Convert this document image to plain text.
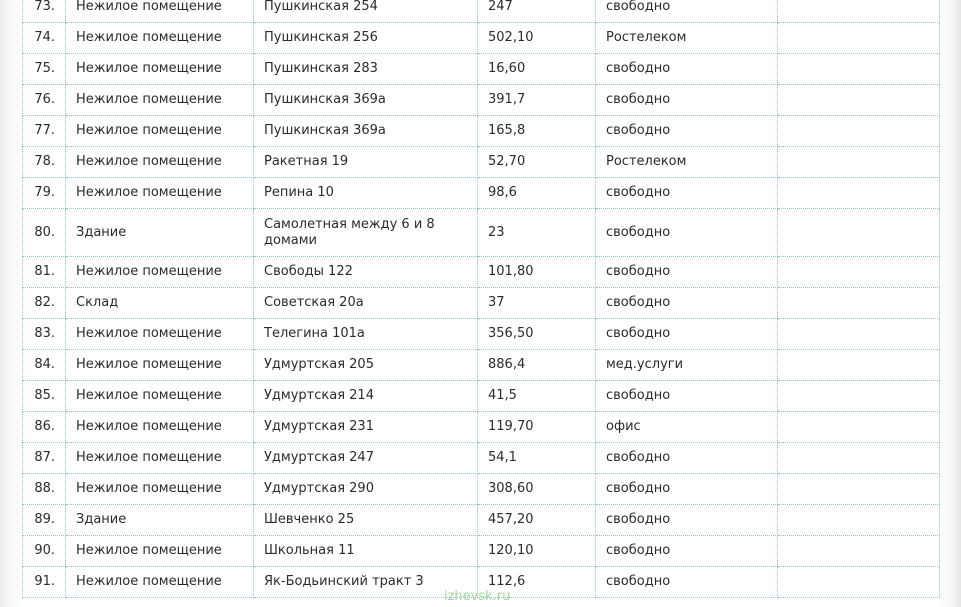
73.	Нежилое помещение	Пушкинская 254	247	свободно	
74.	Нежилое помещение	Пушкинская 256	502,10	Ростелеком	
75.	Нежилое помещение	Пушкинская 283	16,60	свободно	
76.	Нежилое помещение	Пушкинская 369а	391,7	свободно	
77.	Нежилое помещение	Пушкинская 369а	165,8	свободно	
78.	Нежилое помещение	Ракетная 19	52,70	Ростелеком	
79.	Нежилое помещение	Репина 10	98,6	свободно	
80.	Здание	Самолетная между 6 и 8 домами	23	свободно	
81.	Нежилое помещение	Свободы 122	101,80	свободно	
82.	Склад	Советская 20а	37	свободно	
83.	Нежилое помещение	Телегина 101а	356,50	свободно	
84.	Нежилое помещение	Удмуртская 205	886,4	мед.услуги	
85.	Нежилое помещение	Удмуртская 214	41,5	свободно	
86.	Нежилое помещение	Удмуртская 231	119,70	офис	
87.	Нежилое помещение	Удмуртская 247	54,1	свободно	
88.	Нежилое помещение	Удмуртская 290	308,60	свободно	
89.	Здание	Шевченко 25	457,20	свободно	
90.	Нежилое помещение	Школьная 11	120,10	свободно	
91.	Нежилое помещение	Як-Бодьинский тракт 3	112,6	свободно	
izhevsk.ru
